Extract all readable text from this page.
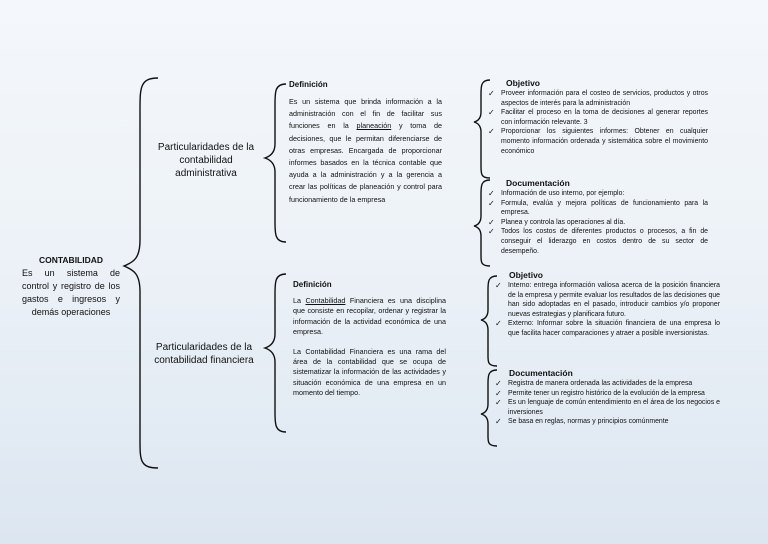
CONTABILIDAD
Es un sistema de control y registro de los gastos e ingresos y demás operaciones
Particularidades de la contabilidad administrativa
Particularidades de la contabilidad financiera
Definición
Es un sistema que brinda información a la administración con el fin de facilitar sus funciones en la planeación y toma de decisiones, que le permitan diferenciarse de otras empresas. Encargada de proporcionar informes basados en la técnica contable que ayuda a la administración y a la gerencia a crear las políticas de planeación y control para funcionamiento de la empresa
Definición
La Contabilidad Financiera es una disciplina que consiste en recopilar, ordenar y registrar la información de la actividad económica de una empresa.
La Contabilidad Financiera es una rama del área de la contabilidad que se ocupa de sistematizar la información de las actividades y situación económica de una empresa en un momento del tiempo.
Objetivo
✓ Proveer información para el costeo de servicios, productos y otros aspectos de interés para la administración
✓ Facilitar el proceso en la toma de decisiones al generar reportes con información relevante. 3
✓ Proporcionar los siguientes informes: Obtener en cualquier momento información ordenada y sistemática sobre el movimiento económico
Documentación
✓ Información de uso interno, por ejemplo:
✓ Formula, evalúa y mejora políticas de funcionamiento para la empresa.
✓ Planea y controla las operaciones al día.
✓ Todos los costos de diferentes productos o procesos, a fin de conseguir el liderazgo en costos dentro de su sector de desempeño.
Objetivo
✓ Interno: entrega información valiosa acerca de la posición financiera de la empresa y permite evaluar los resultados de las decisiones que han sido adoptadas en el pasado, introducir cambios y/o proponer nuevas estrategias y planificara futuro.
✓ Externo: Informar sobre la situación financiera de una empresa lo que facilita hacer comparaciones y atraer a posible inversionistas.
Documentación
✓ Registra de manera ordenada las actividades de la empresa
✓ Permite tener un registro histórico de la evolución de la empresa
✓ Es un lenguaje de común entendimiento en el área de los negocios e inversiones
✓ Se basa en reglas, normas y principios comúnmente
